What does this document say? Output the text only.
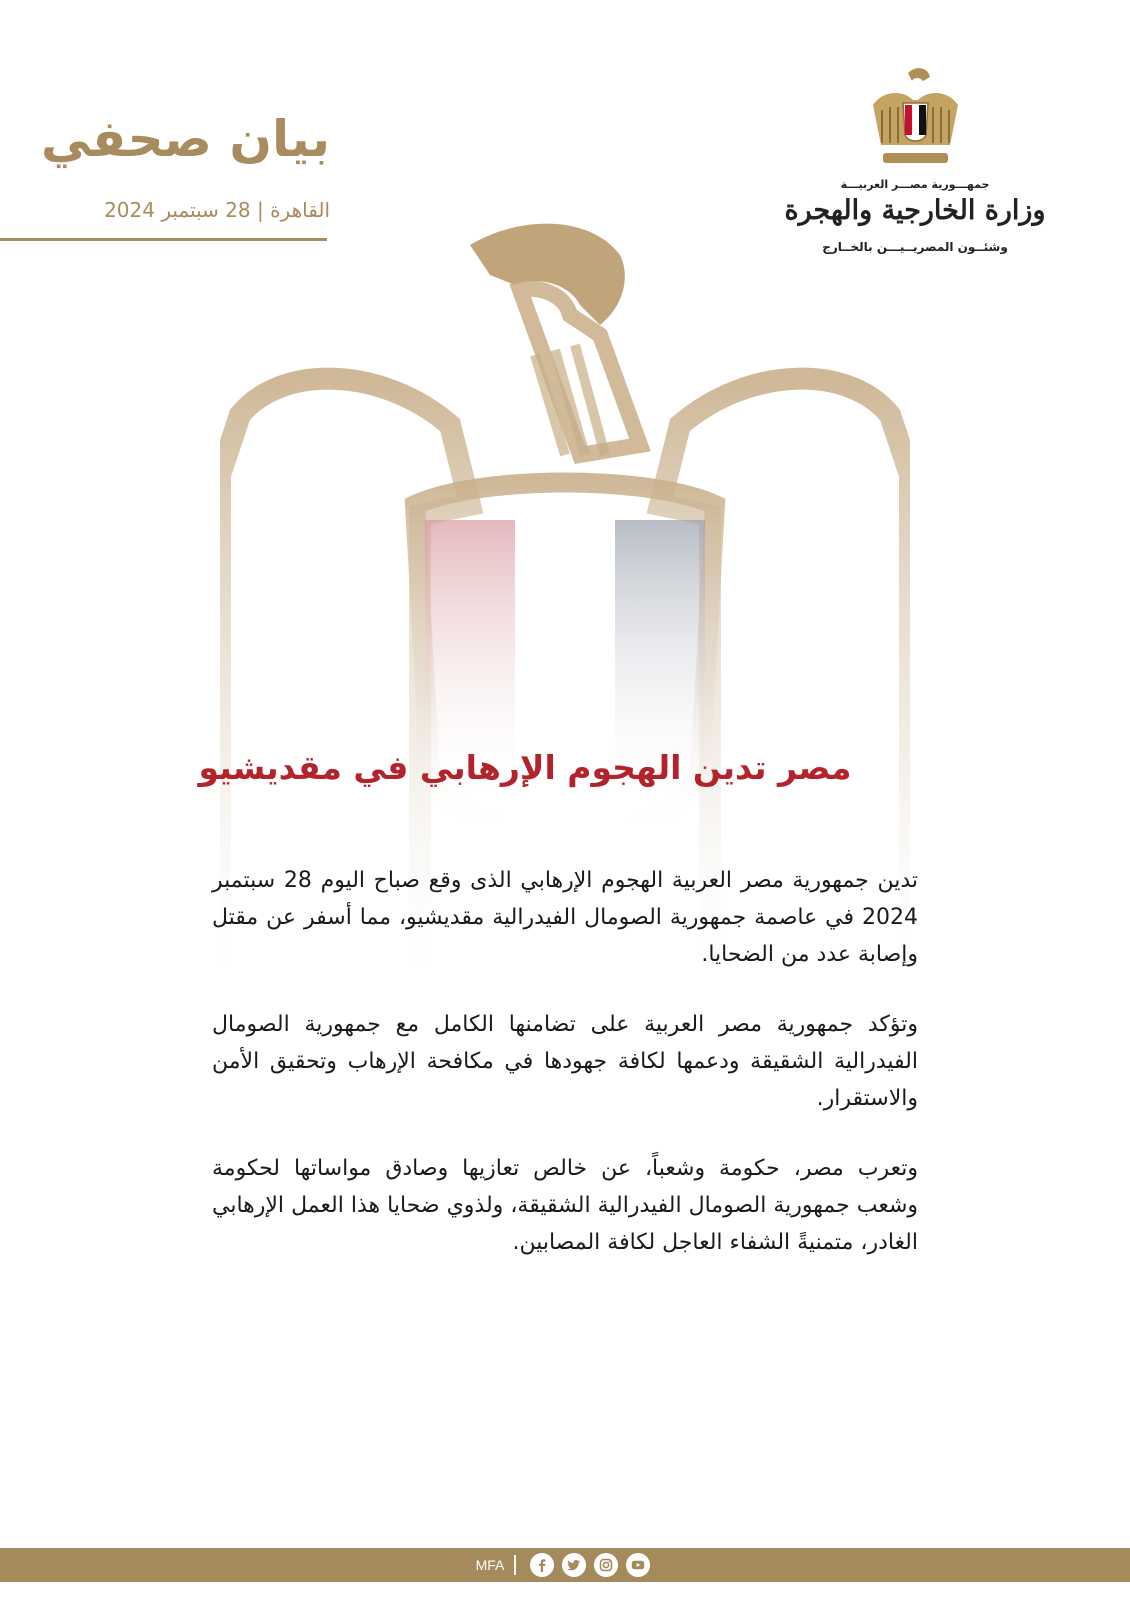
بيان صحفي
القاهرة | 28 سبتمبر 2024
جمهـــورية مصـــر العربيـــة
وزارة الخارجية والهجرة
وشئــون المصريــيـــن بالخــارج
مصر تدين الهجوم الإرهابي في مقديشيو

تدين جمهورية مصر العربية الهجوم الإرهابي الذى وقع صباح اليوم 28 سبتمبر 2024 في عاصمة جمهورية الصومال الفيدرالية مقديشيو، مما أسفر عن مقتل وإصابة عدد من الضحايا.

وتؤكد جمهورية مصر العربية على تضامنها الكامل مع جمهورية الصومال الفيدرالية الشقيقة ودعمها لكافة جهودها في مكافحة الإرهاب وتحقيق الأمن والاستقرار.

وتعرب مصر، حكومة وشعباً، عن خالص تعازيها وصادق مواساتها لحكومة وشعب جمهورية الصومال الفيدرالية الشقيقة، ولذوي ضحايا هذا العمل الإرهابي الغادر، متمنيةً الشفاء العاجل لكافة المصابين.

MFA
